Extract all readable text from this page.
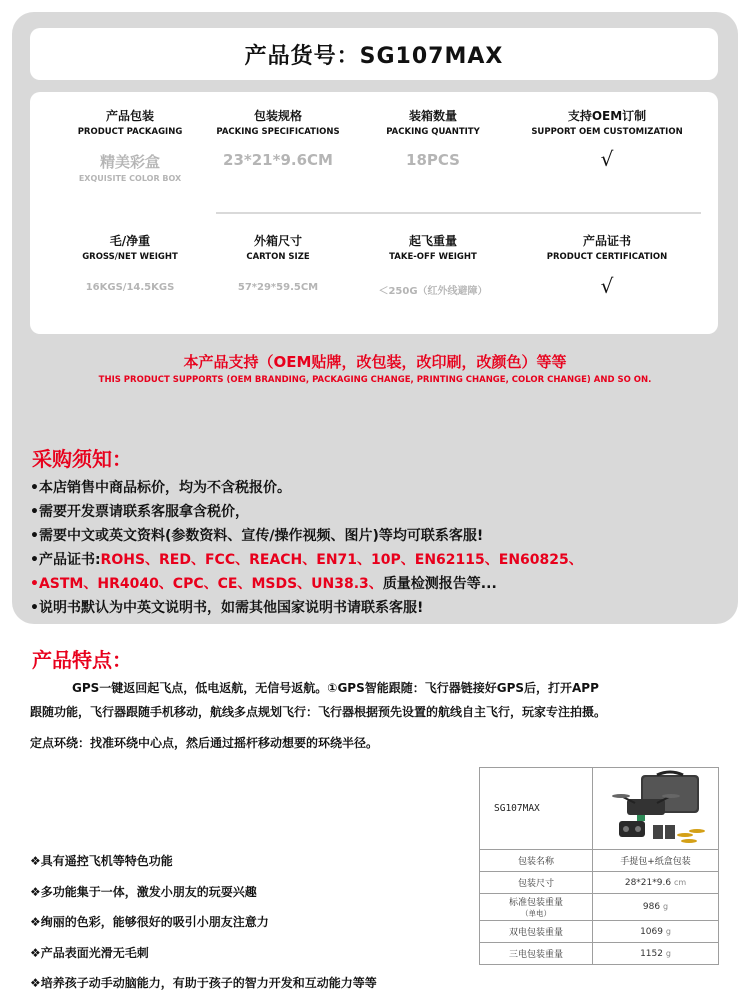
产品货号：SG107MAX
产品包装
PRODUCT PACKAGING
精美彩盒
EXQUISITE COLOR BOX
包装规格
PACKING SPECIFICATIONS
23*21*9.6CM
装箱数量
PACKING QUANTITY
18PCS
支持OEM订制
SUPPORT OEM CUSTOMIZATION
√
毛/净重
GROSS/NET WEIGHT
16KGS/14.5KGS
外箱尺寸
CARTON SIZE
57*29*59.5CM
起飞重量
TAKE-OFF WEIGHT
＜250G（红外线避障）
产品证书
PRODUCT CERTIFICATION
√
本产品支持（OEM贴牌，改包装，改印刷，改颜色）等等
THIS PRODUCT SUPPORTS (OEM BRANDING, PACKAGING CHANGE, PRINTING CHANGE, COLOR CHANGE) AND SO ON.
采购须知：
•本店销售中商品标价，均为不含税报价。
•需要开发票请联系客服拿含税价，
•需要中文或英文资料(参数资料、宣传/操作视频、图片)等均可联系客服!
•产品证书:ROHS、RED、FCC、REACH、EN71、10P、EN62115、EN60825、
•ASTM、HR4040、CPC、CE、MSDS、UN38.3、质量检测报告等...
•说明书默认为中英文说明书，如需其他国家说明书请联系客服!
产品特点：
GPS一键返回起飞点，低电返航，无信号返航。①GPS智能跟随：飞行器链接好GPS后，打开APP
跟随功能，飞行器跟随手机移动，航线多点规划飞行：飞行器根据预先设置的航线自主飞行，玩家专注拍摄。
定点环绕：找准环绕中心点，然后通过摇杆移动想要的环绕半径。
❖具有遥控飞机等特色功能
❖多功能集于一体，激发小朋友的玩耍兴趣
❖绚丽的色彩，能够很好的吸引小朋友注意力
❖产品表面光滑无毛刺
❖培养孩子动手动脑能力，有助于孩子的智力开发和互动能力等等
SG107MAX	

包装名称	手提包+纸盒包装
包装尺寸	28*21*9.6 cm

标准包装重量
（单电）	986 g
双电包装重量	1069 g
三电包装重量	1152 g
